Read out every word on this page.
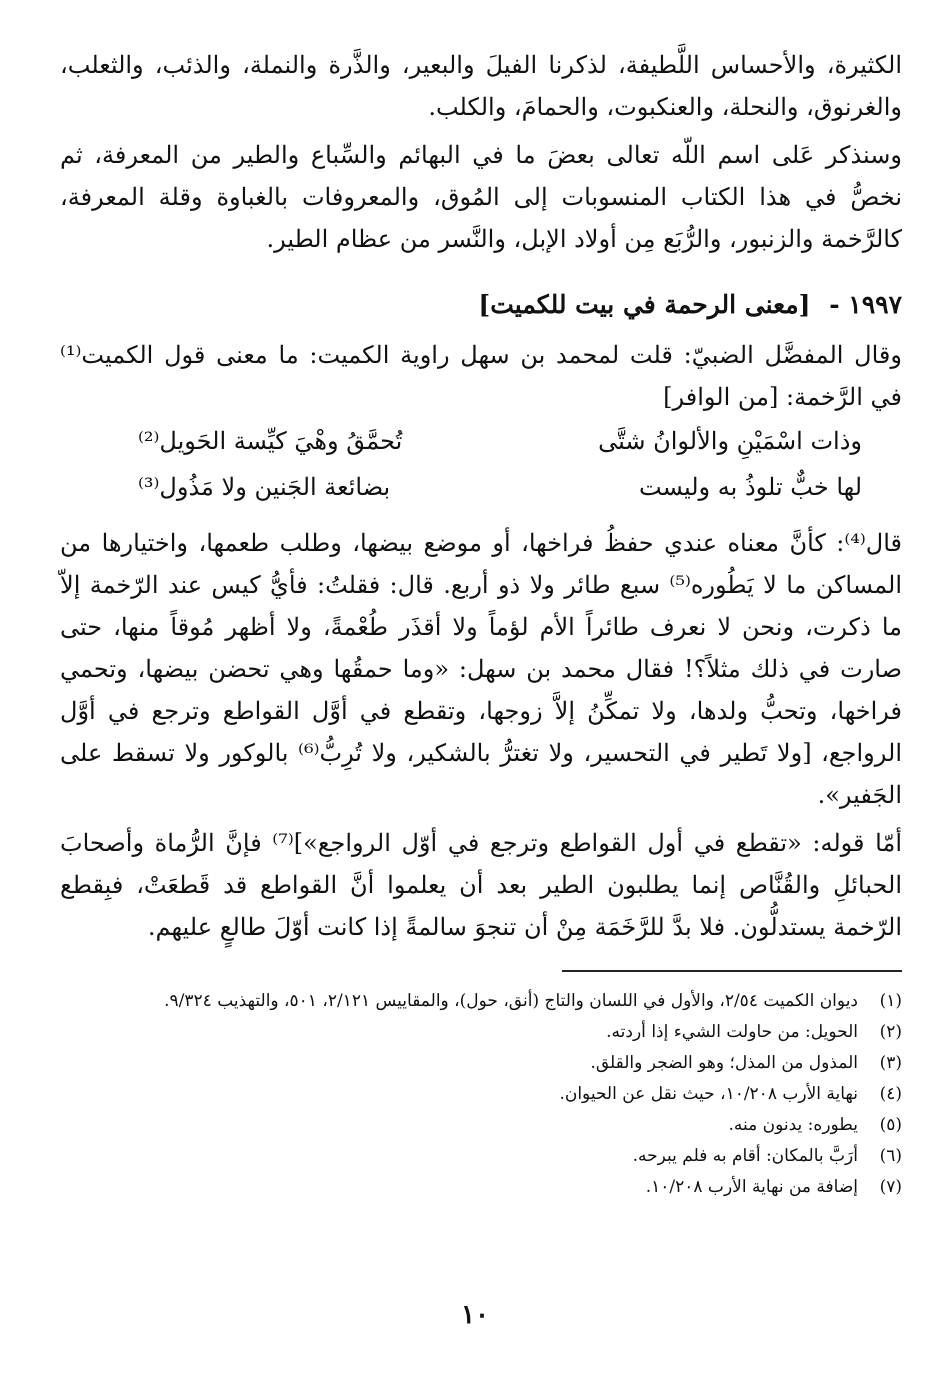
الكثيرة، والأحساس اللَّطيفة، لذكرنا الفيلَ والبعير، والذَّرة والنملة، والذئب، والثعلب، والغرنوق، والنحلة، والعنكبوت، والحمامَ، والكلب.

وسنذكر عَلى اسم اللّه تعالى بعضَ ما في البهائم والسِّباع والطير من المعرفة، ثم نخصُّ في هذا الكتاب المنسوبات إلى المُوق، والمعروفات بالغباوة وقلة المعرفة، كالرَّخمة والزنبور، والرُّبَع مِن أولاد الإبل، والنَّسر من عظام الطير.

١٩٩٧ - [معنى الرحمة في بيت للكميت]

وقال المفضَّل الضبيّ: قلت لمحمد بن سهل راوية الكميت: ما معنى قول الكميت⁽¹⁾ في الرَّخمة: [من الوافر]

وذات اسْمَيْنِ والألوانُ شتَّى
تُحمَّقُ وهْيَ كيِّسة الحَويل⁽²⁾
لها خبٌّ تلوذُ به وليست
بضائعة الجَنين ولا مَذُول⁽³⁾

قال⁽⁴⁾: كأنَّ معناه عندي حفظُ فراخها، أو موضع بيضها، وطلب طعمها، واختيارها من المساكن ما لا يَطُوره⁽⁵⁾ سبع طائر ولا ذو أربع. قال: فقلتُ: فأيُّ كيس عند الرّخمة إلاّ ما ذكرت، ونحن لا نعرف طائراً الأم لؤماً ولا أقذَر طُعْمةً، ولا أظهر مُوقاً منها، حتى صارت في ذلك مثلاً؟! فقال محمد بن سهل: «وما حمقُها وهي تحضن بيضها، وتحمي فراخها، وتحبُّ ولدها، ولا تمكِّنُ إلاَّ زوجها، وتقطع في أوَّل القواطع وترجع في أوَّل الرواجع، [ولا تَطير في التحسير، ولا تغترُّ بالشكير، ولا تُرِبُّ⁽⁶⁾ بالوكور ولا تسقط على الجَفير».

أمّا قوله: «تقطع في أول القواطع وترجع في أوّل الرواجع»]⁽⁷⁾ فإنَّ الرُّماة وأصحابَ الحبائلِ والقُنَّاص إنما يطلبون الطير بعد أن يعلموا أنَّ القواطع قد قَطعَتْ، فبِقطع الرّخمة يستدلُّون. فلا بدَّ للرَّخَمَة مِنْ أن تنجوَ سالمةً إذا كانت أوّلَ طالعٍ عليهم.

(١)
ديوان الكميت ٢/٥٤، والأول في اللسان والتاج (أنق، حول)، والمقاييس ٢/١٢١، ٥٠١، والتهذيب ٩/٣٢٤.
(٢)
الحويل: من حاولت الشيء إذا أردته.
(٣)
المذول من المذل؛ وهو الضجر والقلق.
(٤)
نهاية الأرب ١٠/٢٠٨، حيث نقل عن الحيوان.
(٥)
يطوره: يدنون منه.
(٦)
أرَبَّ بالمكان: أقام به فلم يبرحه.
(٧)
إضافة من نهاية الأرب ١٠/٢٠٨.
١٠
